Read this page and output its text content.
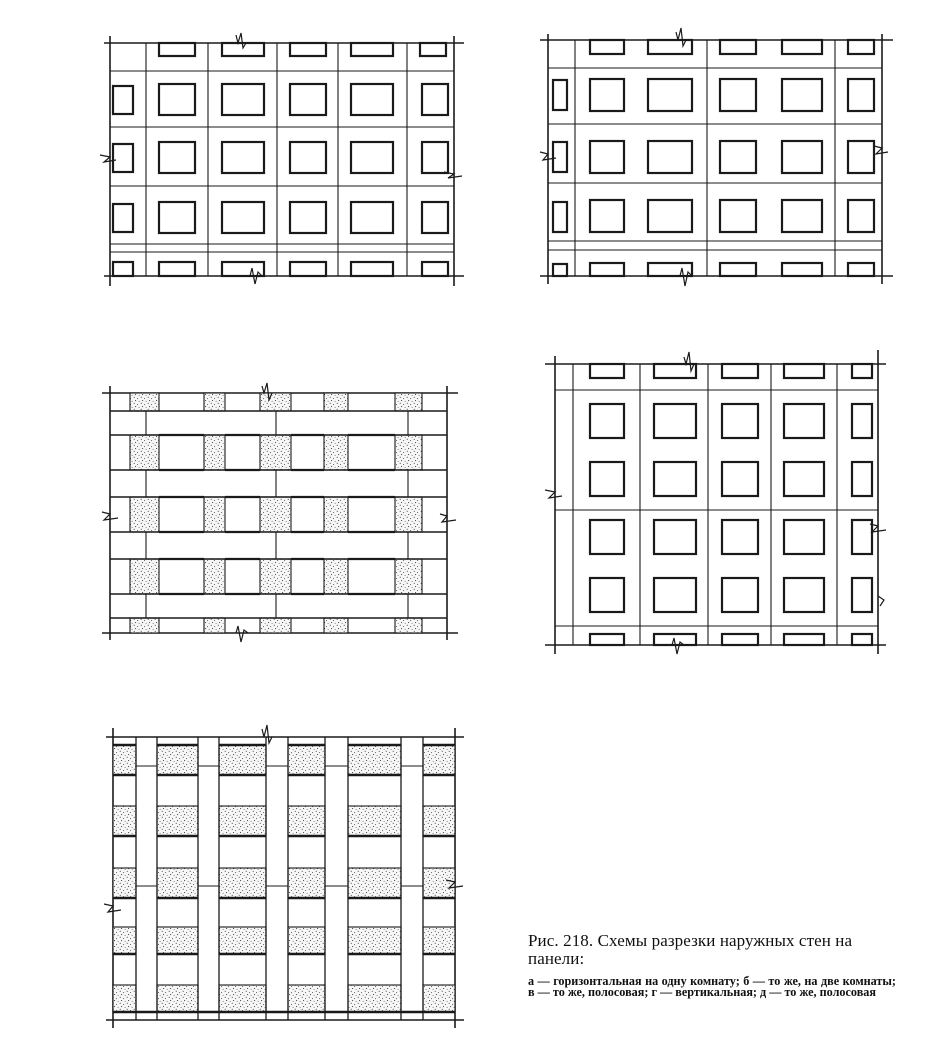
Рис. 218. Схемы разрезки наружных стен на панели:

а — горизонтальная на одну комнату; б — то же, на две комнаты; в — то же, полосовая; г — вертикальная; д — то же, полосовая
